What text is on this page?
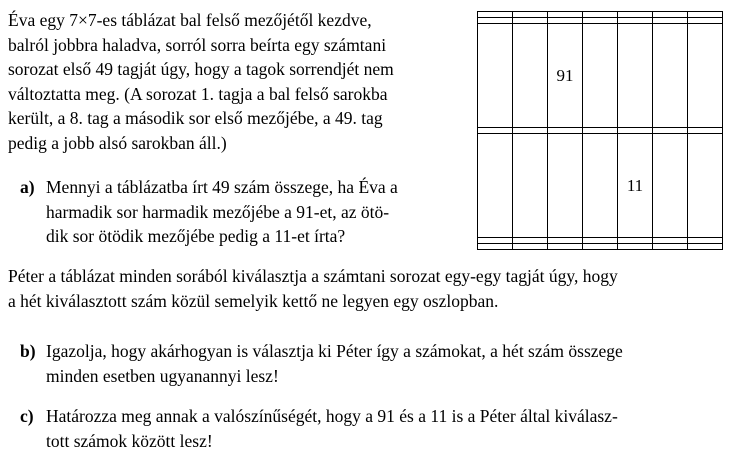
Éva egy 7×7-es táblázat bal felső mezőjétől kezdve,
balról jobbra haladva, sorról sorra beírta egy számtani
sorozat első 49 tagját úgy, hogy a tagok sorrendjét nem
változtatta meg. (A sorozat 1. tagja a bal felső sarokba
került, a 8. tag a második sor első mezőjébe, a 49. tag
pedig a jobb alsó sarokban áll.)

		91				

				11		

a) Mennyi a táblázatba írt 49 szám összege, ha Éva a
harmadik sor harmadik mezőjébe a 91-et, az ötö-
dik sor ötödik mezőjébe pedig a 11-et írta?
Péter a táblázat minden sorából kiválasztja a számtani sorozat egy-egy tagját úgy, hogy
a hét kiválasztott szám közül semelyik kettő ne legyen egy oszlopban.
b) Igazolja, hogy akárhogyan is választja ki Péter így a számokat, a hét szám összege
minden esetben ugyanannyi lesz!
c) Határozza meg annak a valószínűségét, hogy a 91 és a 11 is a Péter által kiválasz-
tott számok között lesz!
